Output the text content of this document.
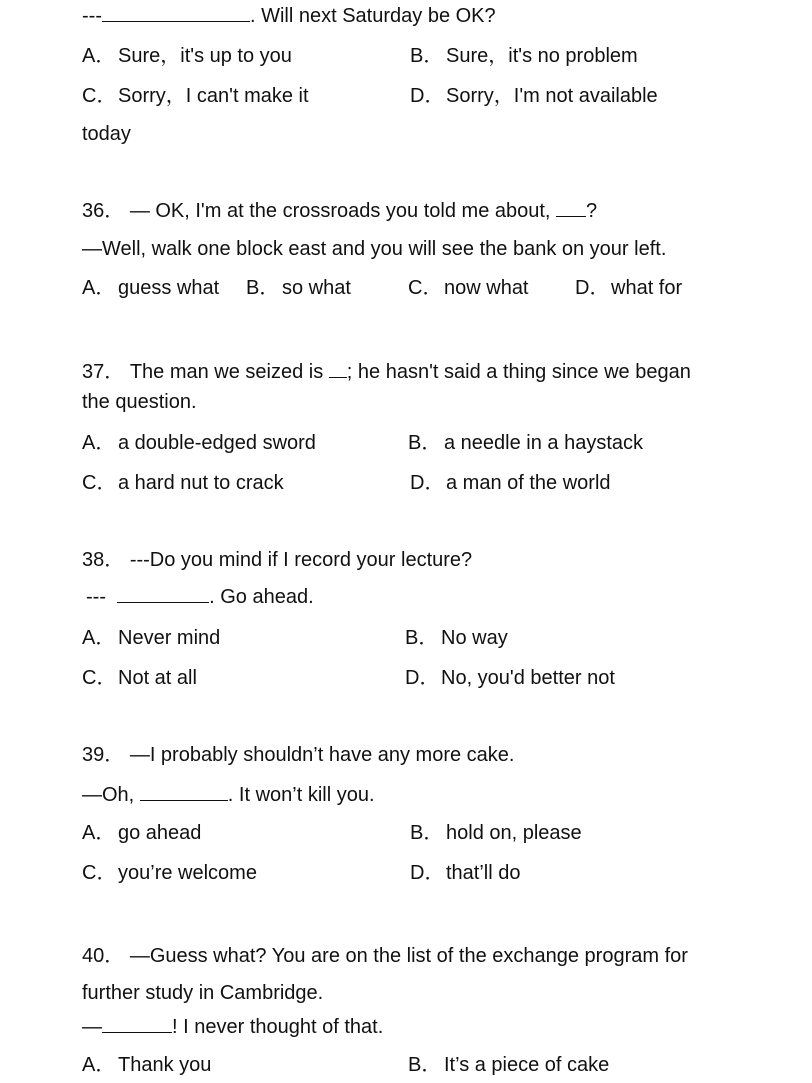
---	. Will next Saturday be OK?
A． Sure，it's up to you	B． Sure，it's no problem
C．Sorry，I can't make it	D．Sorry，I'm not available
today
36． — OK, I'm at the crossroads you told me about, ?
—Well, walk one block east and you will see the bank on your left.
A． guess what B． so what	C．now what D．what for
37． The man we seized is ; he hasn't said a thing since we began
the question.
A． a double-edged sword	B． a needle in a haystack
C．a hard nut to crack	D．a man of the world
38． ---Do you mind if I record your lecture?
---	. Go ahead.
A． Never mind	B． No way
C．Not at all	D．No, you'd better not
39． —I probably shouldn’t have any more cake.
—Oh,	. It won’t kill you.
A． go ahead	B． hold on, please
C．you’re welcome	D．that’ll do
40． —Guess what? You are on the list of the exchange program for
further study in Cambridge.
—	! I never thought of that.
A． Thank you	B． It’s a piece of cake
